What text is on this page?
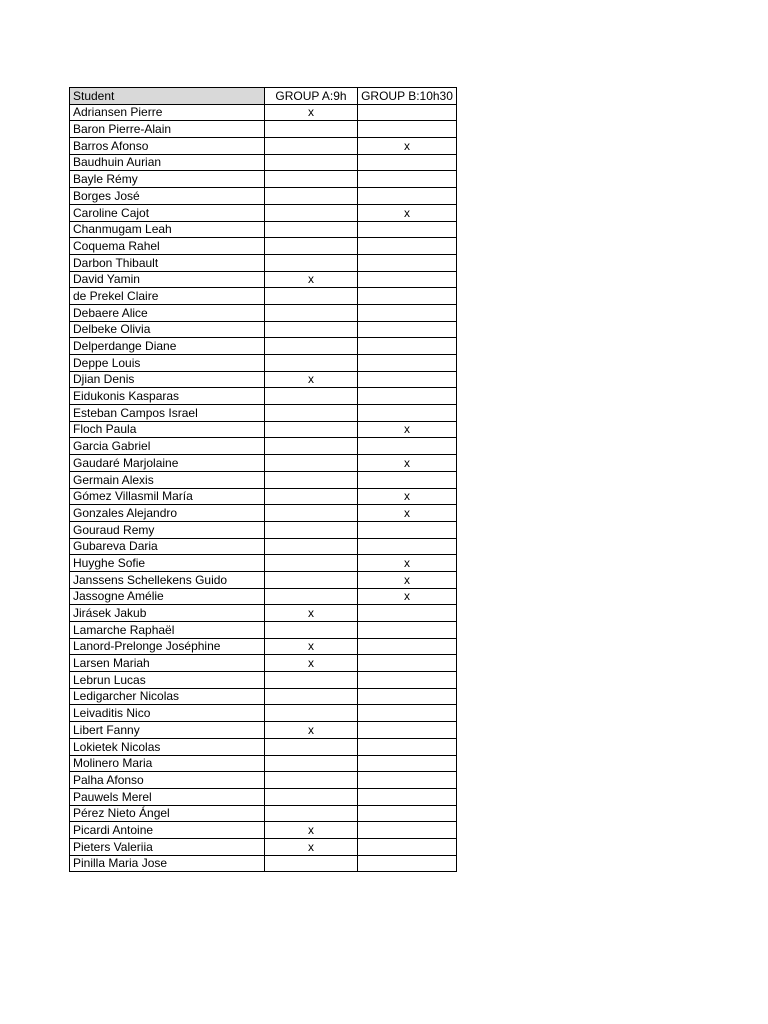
Student	GROUP A:9h	GROUP B:10h30
Adriansen Pierre	x	
Baron Pierre-Alain		
Barros Afonso		x
Baudhuin Aurian		
Bayle Rémy		
Borges José		
Caroline Cajot		x
Chanmugam Leah		
Coquema Rahel		
Darbon Thibault		
David Yamin	x	
de Prekel Claire		
Debaere Alice		
Delbeke Olivia		
Delperdange Diane		
Deppe Louis		
Djian Denis	x	
Eidukonis Kasparas		
Esteban Campos Israel		
Floch Paula		x
Garcia Gabriel		
Gaudaré Marjolaine		x
Germain Alexis		
Gómez Villasmil María		x
Gonzales Alejandro		x
Gouraud Remy		
Gubareva Daria		
Huyghe Sofie		x
Janssens Schellekens Guido		x
Jassogne Amélie		x
Jirásek Jakub	x	
Lamarche Raphaël		
Lanord-Prelonge Joséphine	x	
Larsen Mariah	x	
Lebrun Lucas		
Ledigarcher Nicolas		
Leivaditis Nico		
Libert Fanny	x	
Lokietek Nicolas		
Molinero Maria		
Palha Afonso		
Pauwels Merel		
Pérez Nieto Ángel		
Picardi Antoine	x	
Pieters Valeriia	x	
Pinilla Maria Jose		
